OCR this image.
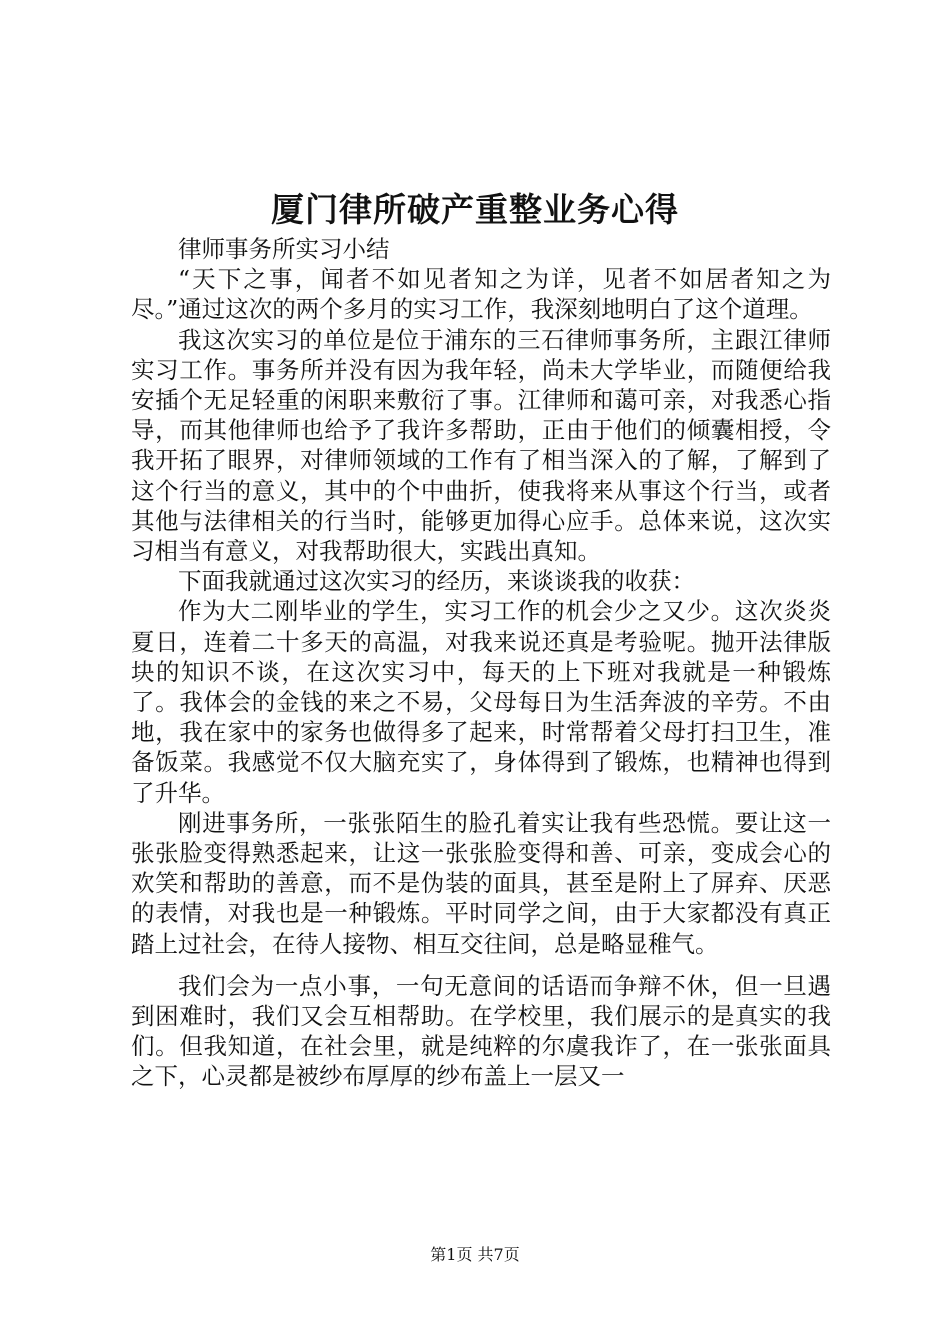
厦门律所破产重整业务心得

律师事务所实习小结

“天下之事，闻者不如见者知之为详，见者不如居者知之为尽。”通过这次的两个多月的实习工作，我深刻地明白了这个道理。

我这次实习的单位是位于浦东的三石律师事务所，主跟江律师实习工作。事务所并没有因为我年轻，尚未大学毕业，而随便给我安插个无足轻重的闲职来敷衍了事。江律师和蔼可亲，对我悉心指导，而其他律师也给予了我许多帮助，正由于他们的倾囊相授，令我开拓了眼界，对律师领域的工作有了相当深入的了解，了解到了这个行当的意义，其中的个中曲折，使我将来从事这个行当，或者其他与法律相关的行当时，能够更加得心应手。总体来说，这次实习相当有意义，对我帮助很大，实践出真知。

下面我就通过这次实习的经历，来谈谈我的收获：

作为大二刚毕业的学生，实习工作的机会少之又少。这次炎炎夏日，连着二十多天的高温，对我来说还真是考验呢。抛开法律版块的知识不谈，在这次实习中，每天的上下班对我就是一种锻炼了。我体会的金钱的来之不易，父母每日为生活奔波的辛劳。不由地，我在家中的家务也做得多了起来，时常帮着父母打扫卫生，准备饭菜。我感觉不仅大脑充实了，身体得到了锻炼，也精神也得到了升华。

刚进事务所，一张张陌生的脸孔着实让我有些恐慌。要让这一张张脸变得熟悉起来，让这一张张脸变得和善、可亲，变成会心的欢笑和帮助的善意，而不是伪装的面具，甚至是附上了屏弃、厌恶的表情，对我也是一种锻炼。平时同学之间，由于大家都没有真正踏上过社会，在待人接物、相互交往间，总是略显稚气。

我们会为一点小事，一句无意间的话语而争辩不休，但一旦遇到困难时，我们又会互相帮助。在学校里，我们展示的是真实的我们。但我知道，在社会里，就是纯粹的尔虞我诈了，在一张张面具之下，心灵都是被纱布厚厚的纱布盖上一层又一

第1页 共7页
